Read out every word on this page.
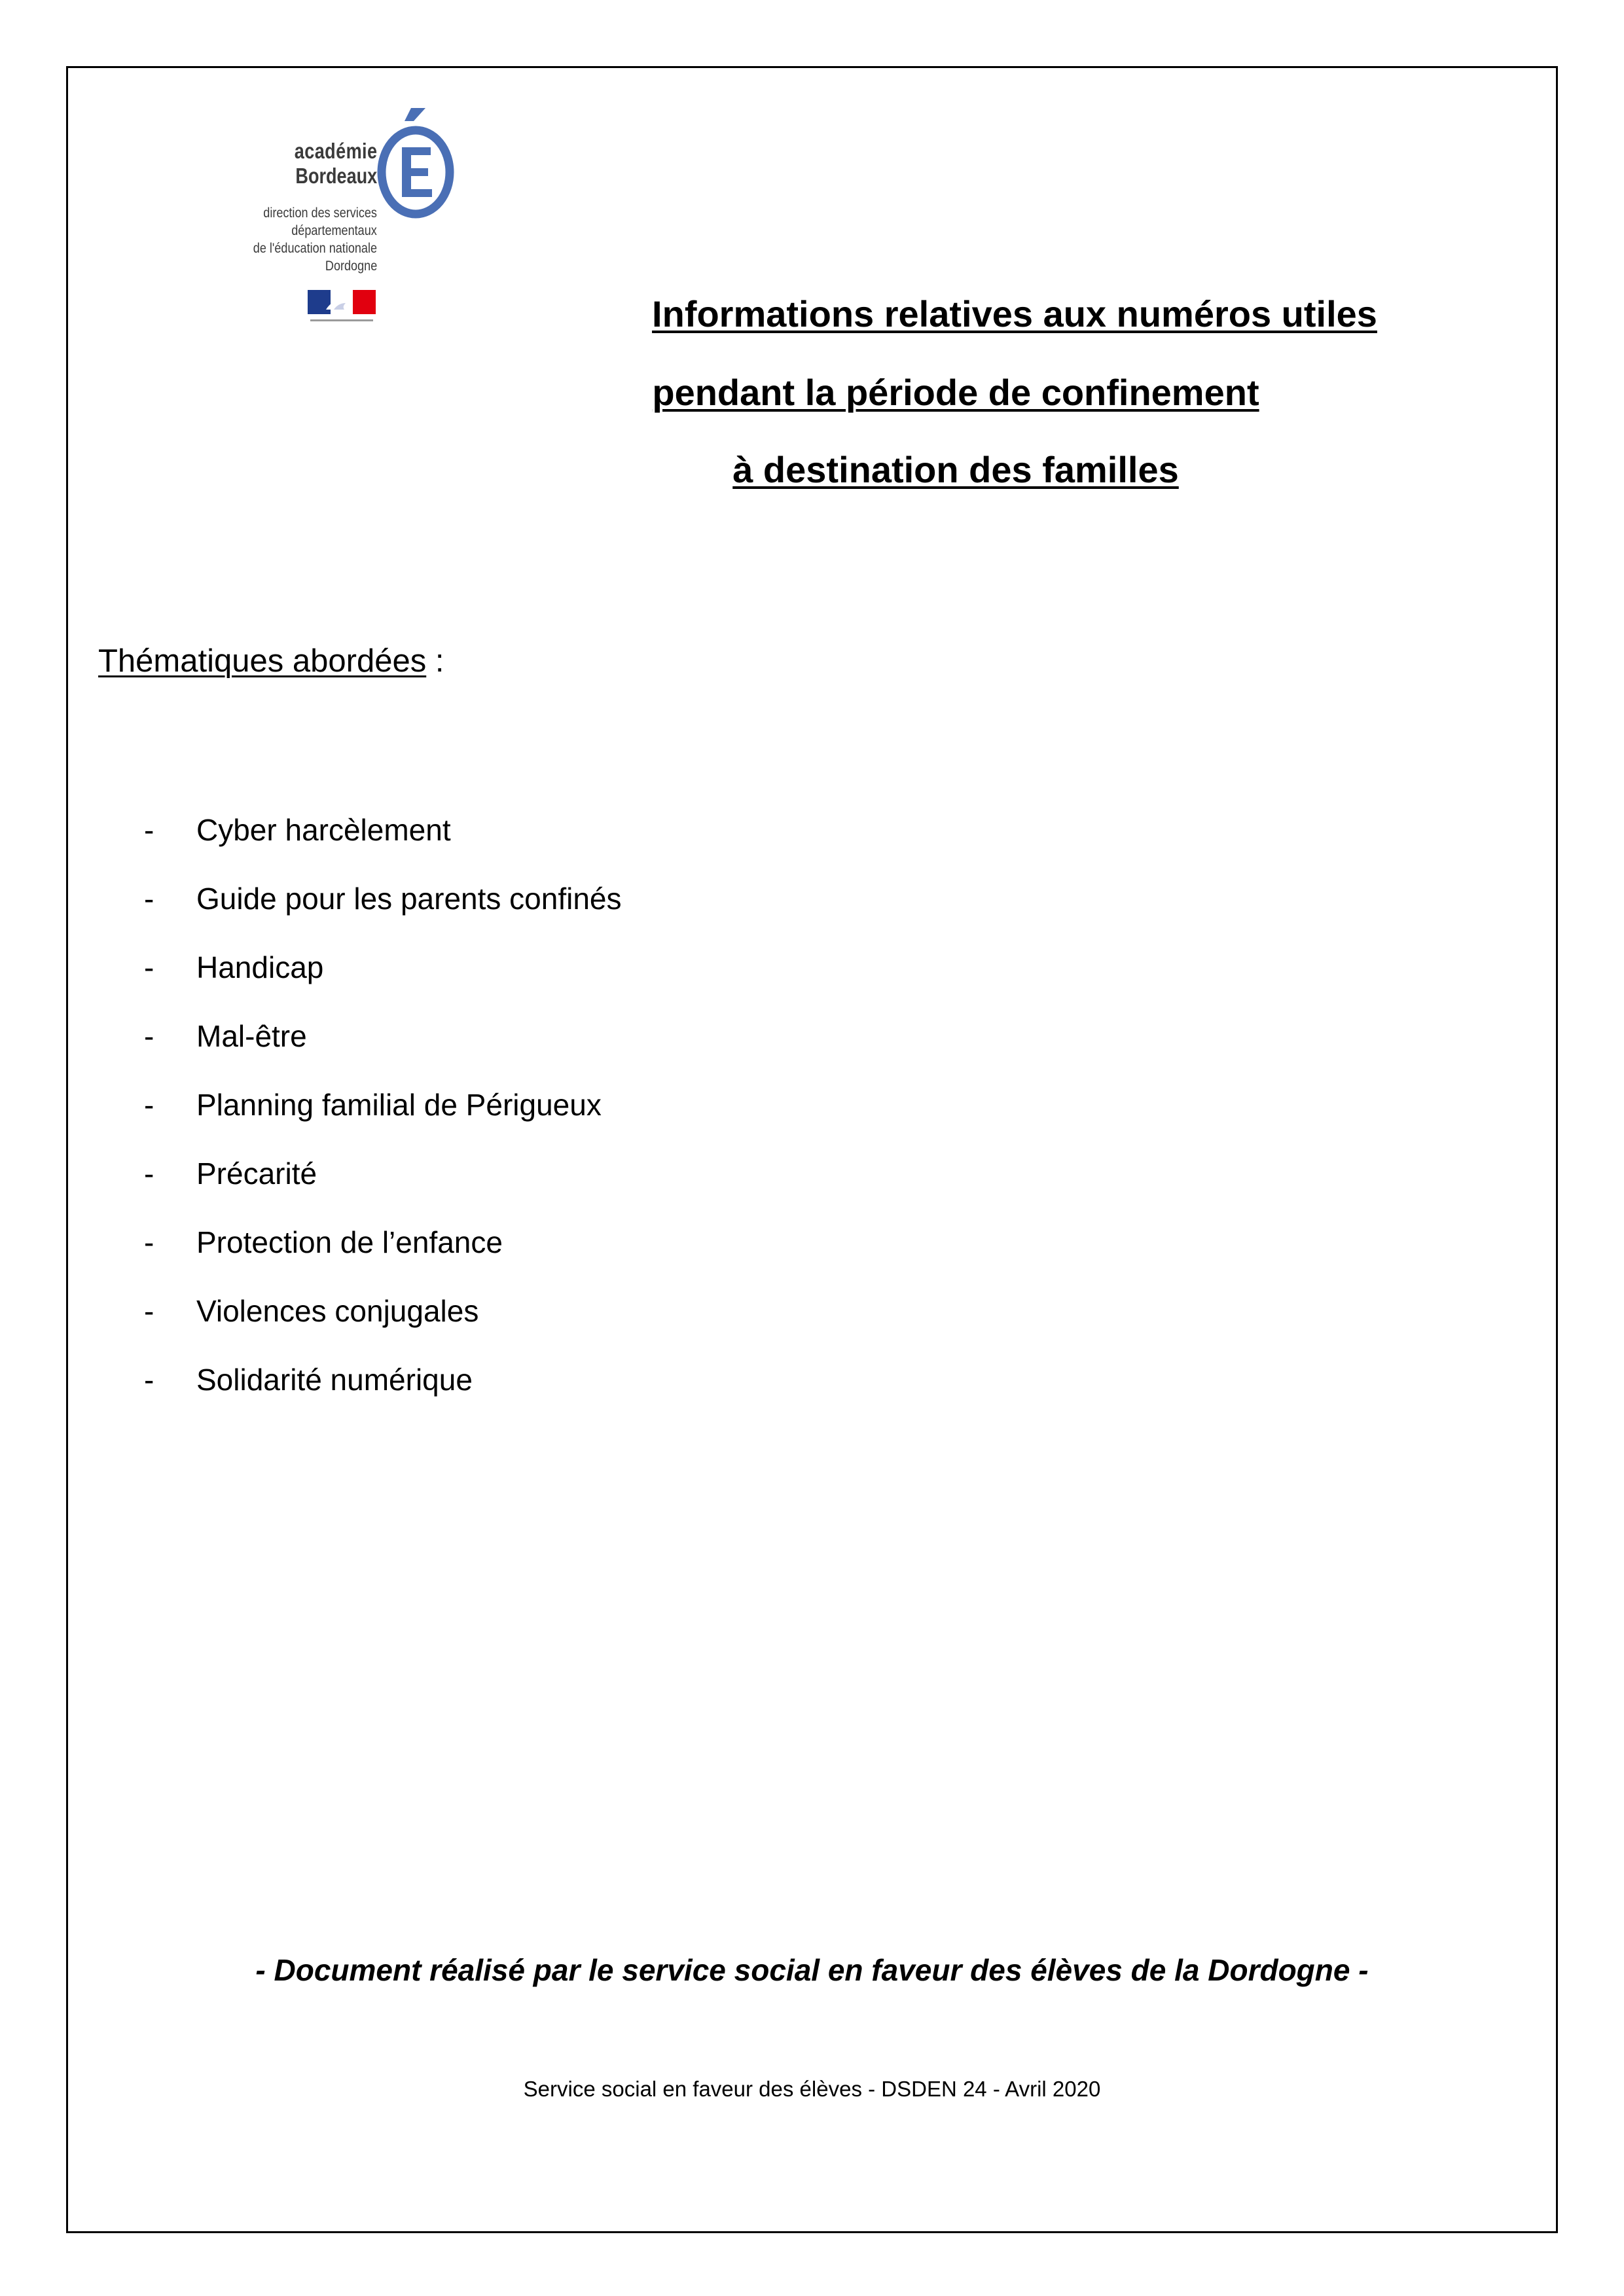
académie
Bordeaux
direction des services
départementaux
de l'éducation nationale
Dordogne
Informations relatives aux numéros utiles
pendant la période de confinement
à destination des familles
Thématiques abordées :
- Cyber harcèlement
- Guide pour les parents confinés
- Handicap
- Mal-être
- Planning familial de Périgueux
- Précarité
- Protection de l’enfance
- Violences conjugales
- Solidarité numérique
- Document réalisé par le service social en faveur des élèves de la Dordogne -
Service social en faveur des élèves - DSDEN 24 - Avril 2020
